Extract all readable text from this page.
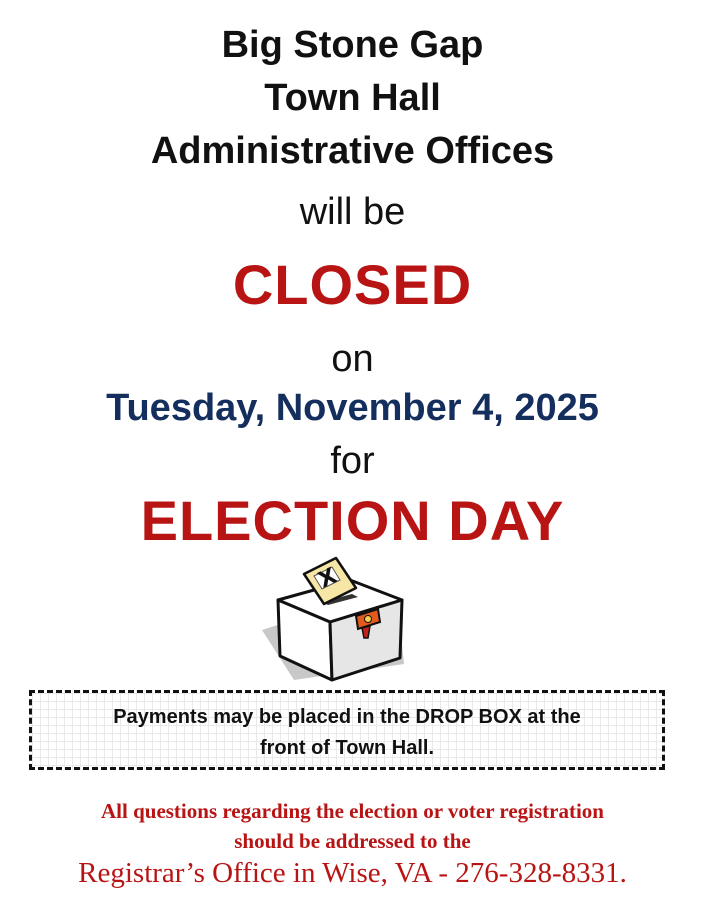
Big Stone Gap
Town Hall
Administrative Offices
will be
CLOSED
on
Tuesday, November 4, 2025
for
ELECTION DAY
X
Payments may be placed in the DROP BOX at the front of Town Hall.
All questions regarding the election or voter registration
should be addressed to the
Registrar’s Office in Wise, VA - 276-328-8331.
